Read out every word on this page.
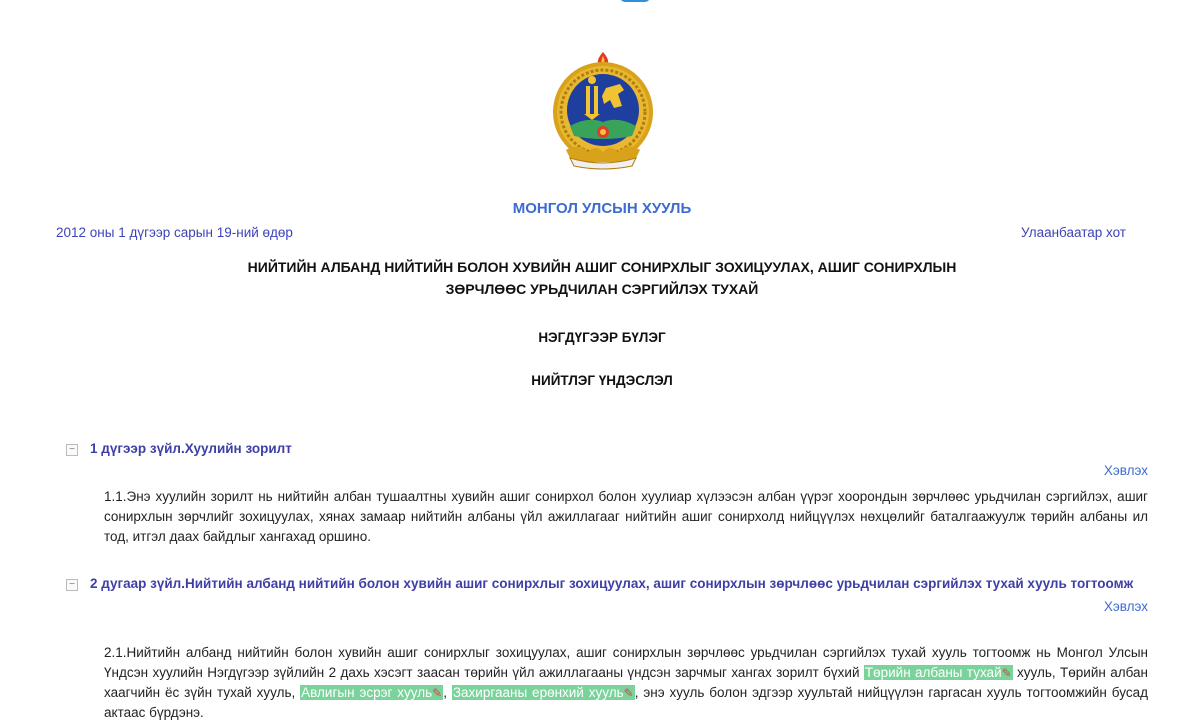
МОНГОЛ УЛСЫН ХУУЛЬ
2012 оны 1 дүгээр сарын 19-ний өдөр	Улаанбаатар хот
НИЙТИЙН АЛБАНД НИЙТИЙН БОЛОН ХУВИЙН АШИГ СОНИРХЛЫГ ЗОХИЦУУЛАХ, АШИГ СОНИРХЛЫН
ЗӨРЧЛӨӨС УРЬДЧИЛАН СЭРГИЙЛЭХ ТУХАЙ
НЭГДҮГЭЭР БҮЛЭГ
НИЙТЛЭГ ҮНДЭСЛЭЛ
− 1 дүгээр зүйл.Хуулийн зорилт
Хэвлэх
1.1.Энэ хуулийн зорилт нь нийтийн албан тушаалтны хувийн ашиг сонирхол болон хуулиар хүлээсэн албан үүрэг хоорондын зөрчлөөс урьдчилан сэргийлэх, ашиг сонирхлын зөрчлийг зохицуулах, хянах замаар нийтийн албаны үйл ажиллагааг нийтийн ашиг сонирхолд нийцүүлэх нөхцөлийг баталгаажуулж төрийн албаны ил тод, итгэл даах байдлыг хангахад оршино.
− 2 дугаар зүйл.Нийтийн албанд нийтийн болон хувийн ашиг сонирхлыг зохицуулах, ашиг сонирхлын зөрчлөөс урьдчилан сэргийлэх тухай хууль тогтоомж
Хэвлэх
2.1.Нийтийн албанд нийтийн болон хувийн ашиг сонирхлыг зохицуулах, ашиг сонирхлын зөрчлөөс урьдчилан сэргийлэх тухай хууль тогтоомж нь Монгол Улсын Үндсэн хуулийн Нэгдүгээр зүйлийн 2 дахь хэсэгт заасан төрийн үйл ажиллагааны үндсэн зарчмыг хангах зорилт бүхий Төрийн албаны тухай✎ хууль, Төрийн албан хаагчийн ёс зүйн тухай хууль, Авлигын эсрэг хууль✎, Захиргааны ерөнхий хууль✎, энэ хууль болон эдгээр хуультай нийцүүлэн гаргасан хууль тогтоомжийн бусад актаас бүрдэнэ.
